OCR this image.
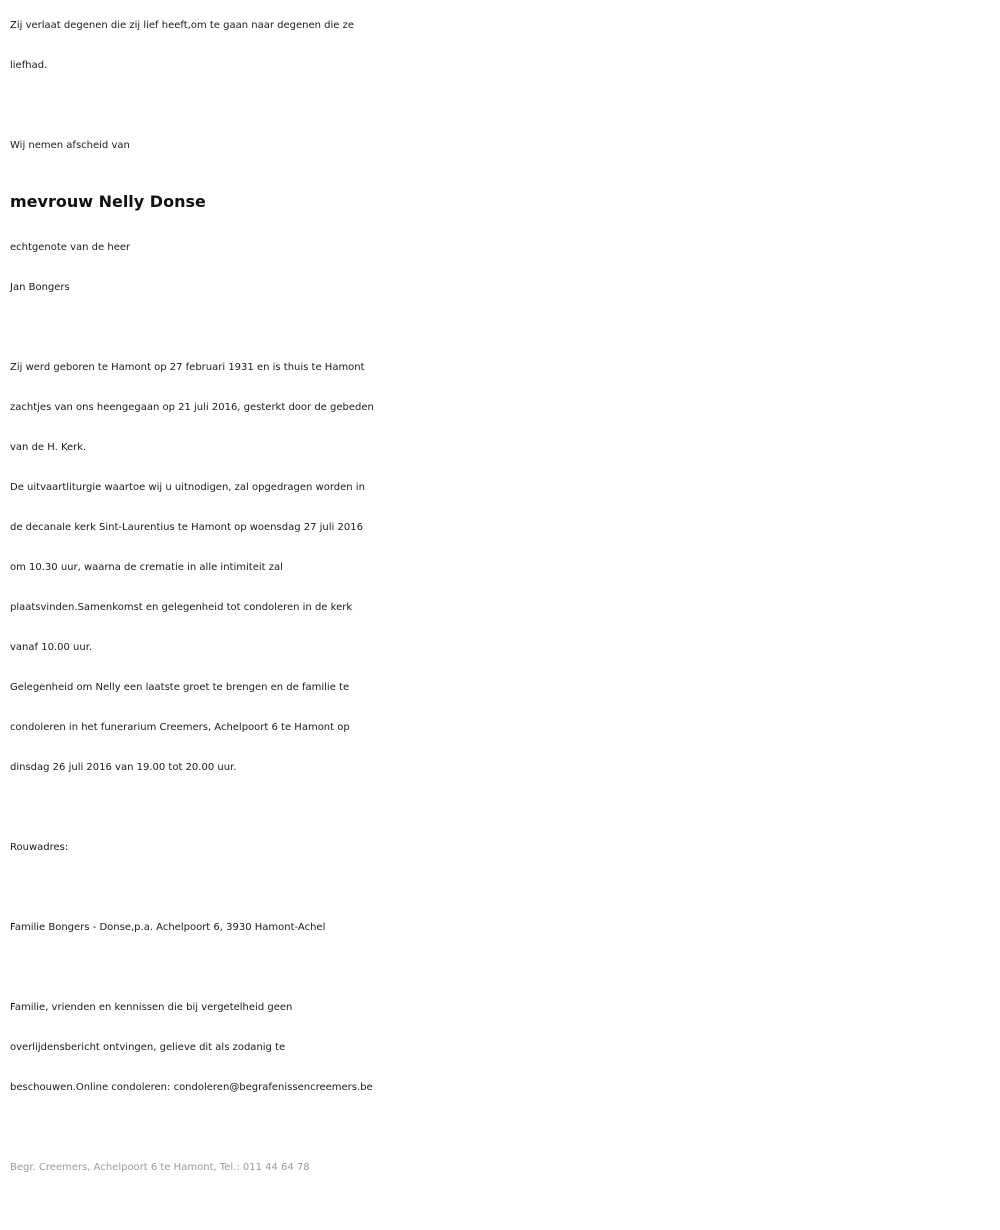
Zij verlaat degenen die zij lief heeft,om te gaan naar degenen die ze
liefhad.
Wij nemen afscheid van
mevrouw Nelly Donse
echtgenote van de heer
Jan Bongers
Zij werd geboren te Hamont op 27 februari 1931 en is thuis te Hamont
zachtjes van ons heengegaan op 21 juli 2016, gesterkt door de gebeden
van de H. Kerk.
De uitvaartliturgie waartoe wij u uitnodigen, zal opgedragen worden in
de decanale kerk Sint-Laurentius te Hamont op woensdag 27 juli 2016
om 10.30 uur, waarna de crematie in alle intimiteit zal
plaatsvinden.Samenkomst en gelegenheid tot condoleren in de kerk
vanaf 10.00 uur.
Gelegenheid om Nelly een laatste groet te brengen en de familie te
condoleren in het funerarium Creemers, Achelpoort 6 te Hamont op
dinsdag 26 juli 2016 van 19.00 tot 20.00 uur.
Rouwadres:
Familie Bongers - Donse,p.a. Achelpoort 6, 3930 Hamont-Achel
Familie, vrienden en kennissen die bij vergetelheid geen
overlijdensbericht ontvingen, gelieve dit als zodanig te
beschouwen.Online condoleren: condoleren@begrafenissencreemers.be
Begr. Creemers, Achelpoort 6 te Hamont, Tel.: 011 44 64 78
